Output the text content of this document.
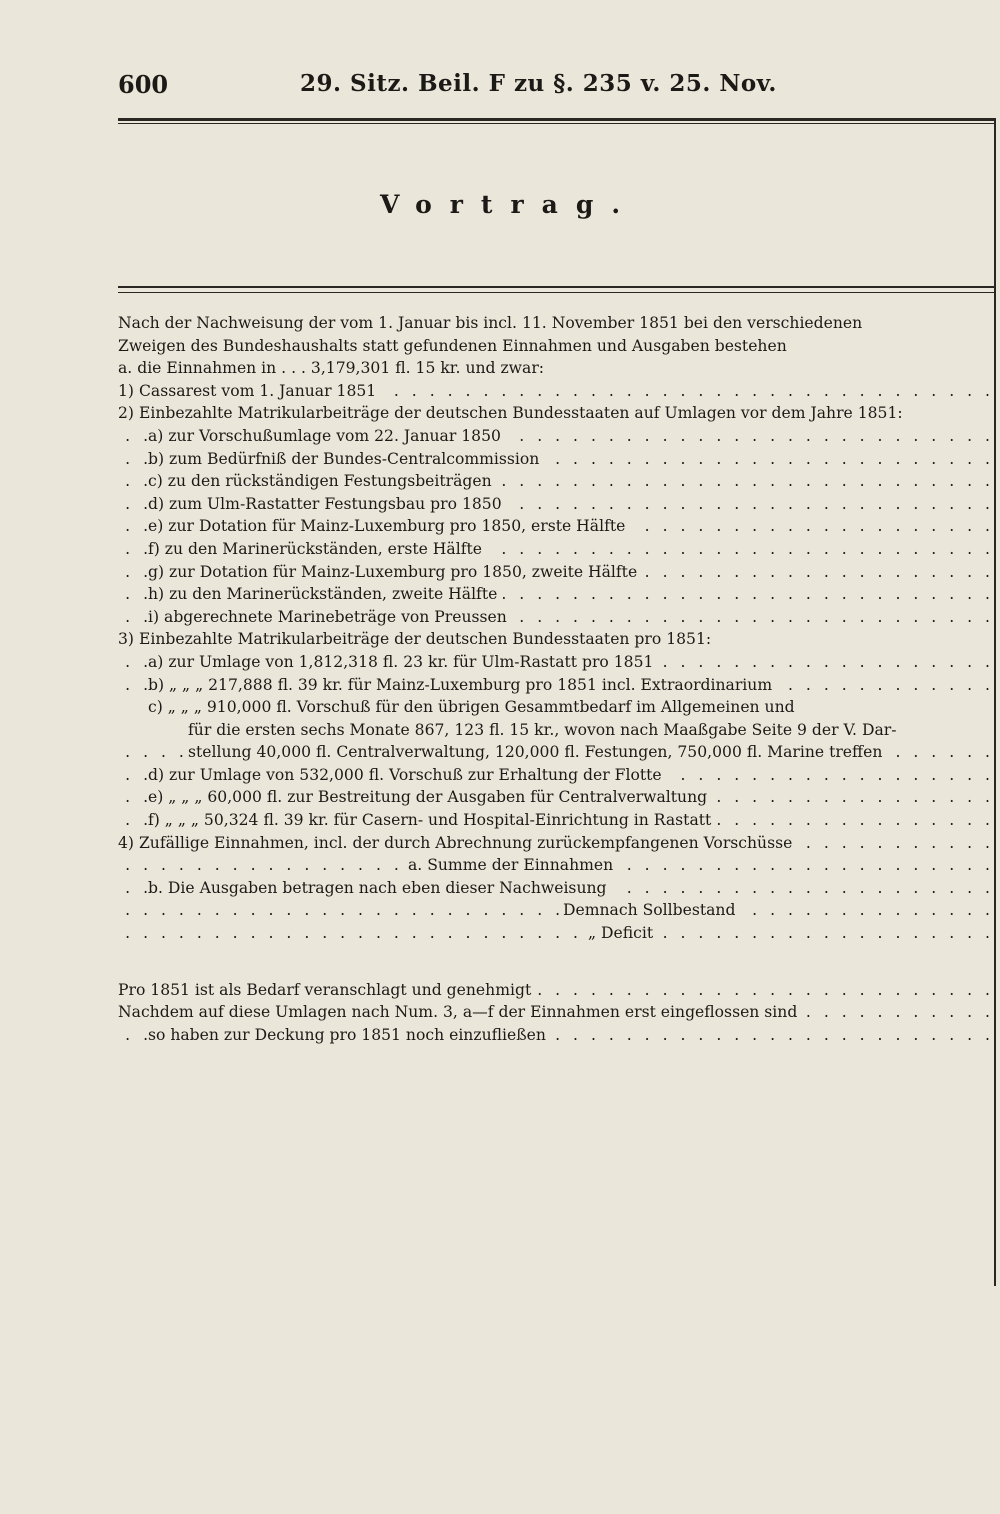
600	29. Sitz. Beil. F zu §. 235 v. 25. Nov.
Vortrag.
Nach der Nachweisung der vom 1. Januar bis incl. 11. November 1851 bei den verschiedenen
Zweigen des Bundeshaushalts statt gefundenen Einnahmen und Ausgaben bestehen
a. die Einnahmen in . . . 3,179,301 fl. 15 kr. und zwar:
1) Cassarest vom 1. Januar 1851 . . .
2) Einbezahlte Matrikularbeiträge der deutschen Bundesstaaten auf Umlagen vor dem Jahre 1851:
a) zur Vorschußumlage vom 22. Januar 1850 . . .
b) zum Bedürfniß der Bundes-Centralcommission . . .
c) zu den rückständigen Festungsbeiträgen . . .
d) zum Ulm-Rastatter Festungsbau pro 1850 . . .
e) zur Dotation für Mainz-Luxemburg pro 1850, erste Hälfte . . .
f) zu den Marinerückständen, erste Hälfte . . .
g) zur Dotation für Mainz-Luxemburg pro 1850, zweite Hälfte . . .
h) zu den Marinerückständen, zweite Hälfte . . .
i) abgerechnete Marinebeträge von Preussen . . .
3) Einbezahlte Matrikularbeiträge der deutschen Bundesstaaten pro 1851:
a) zur Umlage von 1,812,318 fl. 23 kr. für Ulm-Rastatt pro 1851 . . .
b) „ „ „ 217,888 fl. 39 kr. für Mainz-Luxemburg pro 1851 incl. Extraordinarium . . .
c) „ „ „ 910,000 fl. Vorschuß für den übrigen Gesammtbedarf im Allgemeinen und
für die ersten sechs Monate 867, 123 fl. 15 kr., wovon nach Maaßgabe Seite 9 der V. Dar-
stellung 40,000 fl. Centralverwaltung, 120,000 fl. Festungen, 750,000 fl. Marine treffen . . .
d) zur Umlage von 532,000 fl. Vorschuß zur Erhaltung der Flotte . . .
e) „ „ „ 60,000 fl. zur Bestreitung der Ausgaben für Centralverwaltung . . .
f) „ „ „ 50,324 fl. 39 kr. für Casern- und Hospital-Einrichtung in Rastatt . . .
4) Zufällige Einnahmen, incl. der durch Abrechnung zurückempfangenen Vorschüsse . . .
a. Summe der Einnahmen . . .
b. Die Ausgaben betragen nach eben dieser Nachweisung . . .
Demnach Sollbestand . . .
„ Deficit . . .
Pro 1851 ist als Bedarf veranschlagt und genehmigt . . .
Nachdem auf diese Umlagen nach Num. 3, a—f der Einnahmen erst eingeflossen sind . . .
so haben zur Deckung pro 1851 noch einzufließen . . .
